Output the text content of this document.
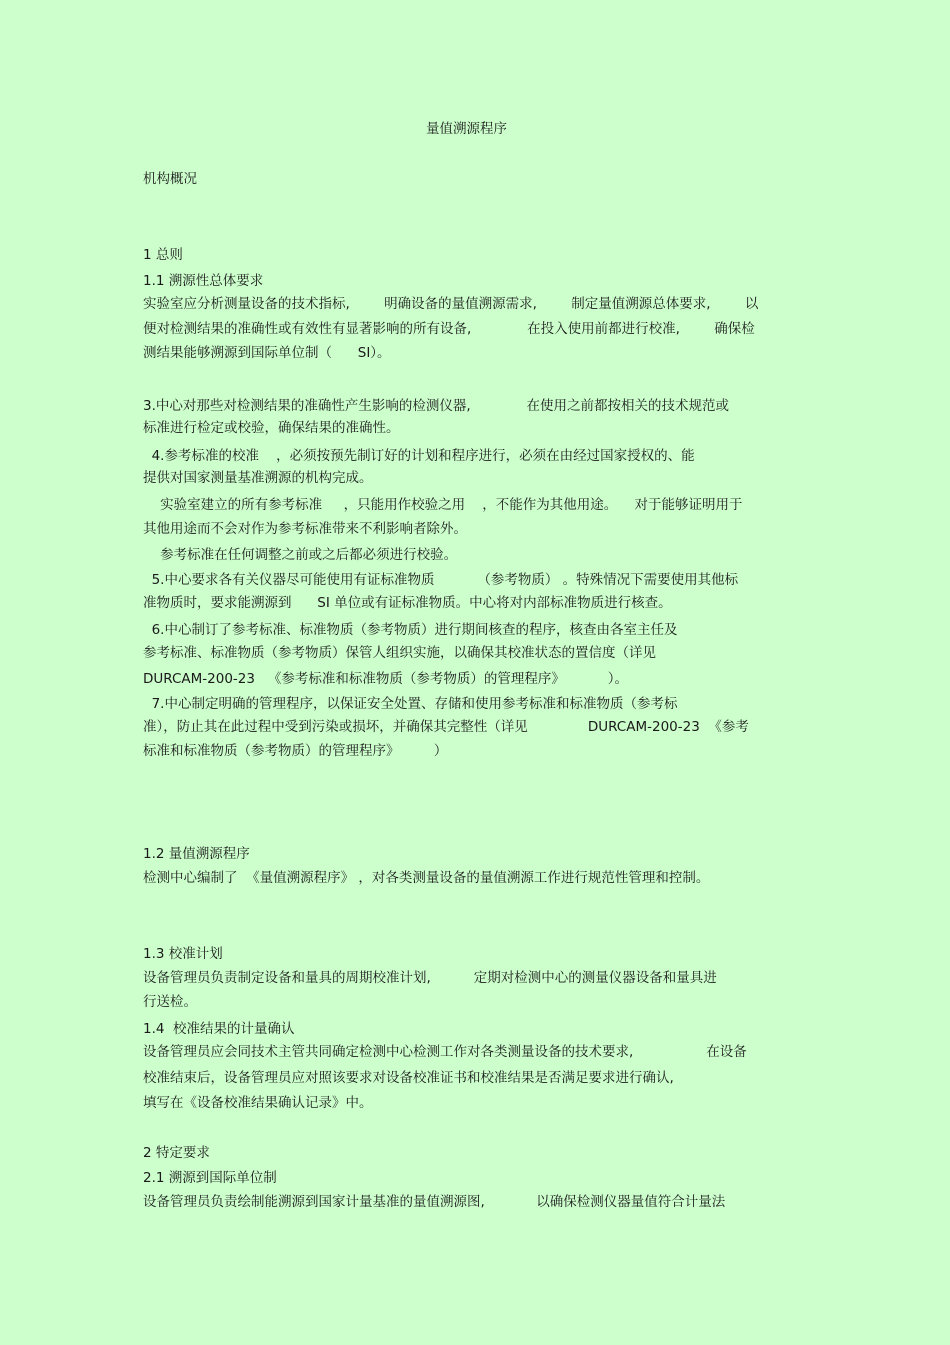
量值溯源程序
机构概况
1 总则
1.1 溯源性总体要求
实验室应分析测量设备的技术指标,        明确设备的量值溯源需求,        制定量值溯源总体要求,        以
便对检测结果的准确性或有效性有显著影响的所有设备,             在投入使用前都进行校准,        确保检
测结果能够溯源到国际单位制（      SI）。
3.中心对那些对检测结果的准确性产生影响的检测仪器,             在使用之前都按相关的技术规范或
标准进行检定或校验，确保结果的准确性。
4.参考标准的校准    ，必须按预先制订好的计划和程序进行，必须在由经过国家授权的、能
提供对国家测量基准溯源的机构完成。
实验室建立的所有参考标准     ，只能用作校验之用    ，不能作为其他用途。    对于能够证明用于
其他用途而不会对作为参考标准带来不利影响者除外。
参考标准在任何调整之前或之后都必须进行校验。
5.中心要求各有关仪器尽可能使用有证标准物质          （参考物质） 。特殊情况下需要使用其他标
准物质时，要求能溯源到      SI 单位或有证标准物质。中心将对内部标准物质进行核查。
6.中心制订了参考标准、标准物质（参考物质）进行期间核查的程序，核查由各室主任及
参考标准、标准物质（参考物质）保管人组织实施，以确保其校准状态的置信度（详见
DURCAM-200-23   《参考标准和标准物质（参考物质）的管理程序》          ）。
7.中心制定明确的管理程序，以保证安全处置、存储和使用参考标准和标准物质（参考标
准），防止其在此过程中受到污染或损坏，并确保其完整性（详见              DURCAM-200-23  《参考
标准和标准物质（参考物质）的管理程序》        ）
1.2 量值溯源程序
检测中心编制了  《量值溯源程序》 ，对各类测量设备的量值溯源工作进行规范性管理和控制。
1.3 校准计划
设备管理员负责制定设备和量具的周期校准计划,          定期对检测中心的测量仪器设备和量具进
行送检。
1.4  校准结果的计量确认
设备管理员应会同技术主管共同确定检测中心检测工作对各类测量设备的技术要求,                 在设备
校准结束后，设备管理员应对照该要求对设备校准证书和校准结果是否满足要求进行确认,
填写在《设备校准结果确认记录》中。
2 特定要求
2.1 溯源到国际单位制
设备管理员负责绘制能溯源到国家计量基准的量值溯源图,            以确保检测仪器量值符合计量法
